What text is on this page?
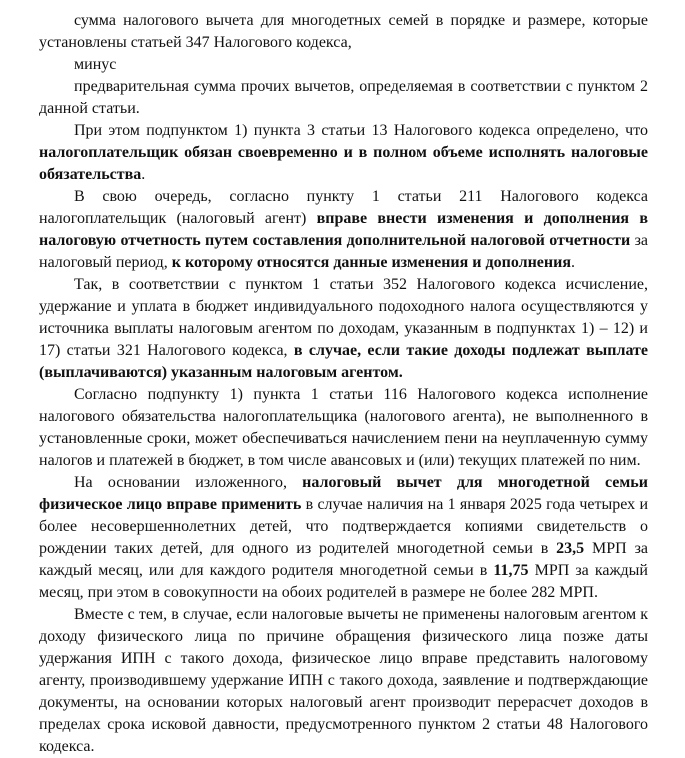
сумма налогового вычета для многодетных семей в порядке и размере, которые установлены статьей 347 Налогового кодекса,

минус

предварительная сумма прочих вычетов, определяемая в соответствии с пунктом 2 данной статьи.

При этом подпунктом 1) пункта 3 статьи 13 Налогового кодекса определено, что налогоплательщик обязан своевременно и в полном объеме исполнять налоговые обязательства.

В свою очередь, согласно пункту 1 статьи 211 Налогового кодекса налогоплательщик (налоговый агент) вправе внести изменения и дополнения в налоговую отчетность путем составления дополнительной налоговой отчетности за налоговый период, к которому относятся данные изменения и дополнения.

Так, в соответствии с пунктом 1 статьи 352 Налогового кодекса исчисление, удержание и уплата в бюджет индивидуального подоходного налога осуществляются у источника выплаты налоговым агентом по доходам, указанным в подпунктах 1) – 12) и 17) статьи 321 Налогового кодекса, в случае, если такие доходы подлежат выплате (выплачиваются) указанным налоговым агентом.

Согласно подпункту 1) пункта 1 статьи 116 Налогового кодекса исполнение налогового обязательства налогоплательщика (налогового агента), не выполненного в установленные сроки, может обеспечиваться начислением пени на неуплаченную сумму налогов и платежей в бюджет, в том числе авансовых и (или) текущих платежей по ним.

На основании изложенного, налоговый вычет для многодетной семьи физическое лицо вправе применить в случае наличия на 1 января 2025 года четырех и более несовершеннолетних детей, что подтверждается копиями свидетельств о рождении таких детей, для одного из родителей многодетной семьи в 23,5 МРП за каждый месяц, или для каждого родителя многодетной семьи в 11,75 МРП за каждый месяц, при этом в совокупности на обоих родителей в размере не более 282 МРП.

Вместе с тем, в случае, если налоговые вычеты не применены налоговым агентом к доходу физического лица по причине обращения физического лица позже даты удержания ИПН с такого дохода, физическое лицо вправе представить налоговому агенту, производившему удержание ИПН с такого дохода, заявление и подтверждающие документы, на основании которых налоговый агент производит перерасчет доходов в пределах срока исковой давности, предусмотренного пунктом 2 статьи 48 Налогового кодекса.
